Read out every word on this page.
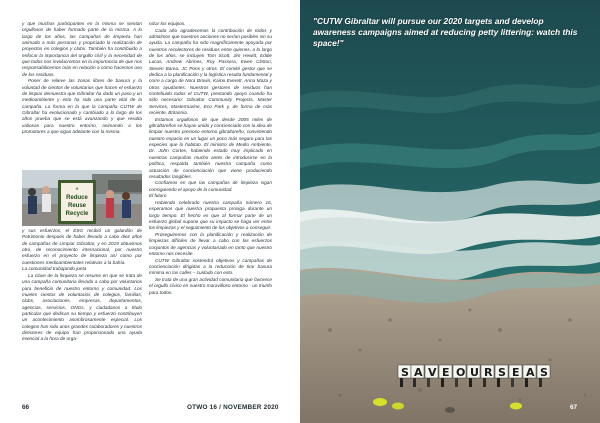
y que muchos participantes en la misma se sientan orgullosos de haber formado parte de la misma. A lo largo de los años, las campañas de limpieza han animado a más personas y propiciado la realización de proyectos en colegios y clubs. También ha contribuido a enfocar la importancia del orgullo cívil y la necesidad de que todos nos involucremos en la importancia de que nos responsabilicemos más en relación a cómo hacemos uso de los residuos.

Poner de relieve las zonas libres de basura y la voluntad de cientos de voluntarios que hacen el esfuerzo de limpiar demuestra que Gibraltar ha dado un paso y un medioambiente y esto ha sido una parte vital de la campaña. La forma en la que la campaña CUTW de Gibraltar ha evolucionado y cambiado a lo largo de los años prueba que se está avanzando y que resulta valiosas para nuestro entorno, animando a los promotores a que sigan adelante con la misma.

♻
Reduce
Reuse
Recycle

y sus esfuerzos, el ESG recibió un galardón de Patrimonio después de haber llevado a cabo diez años de campañas de Limpiar Gibraltar, y en 2019 obtuvimos otro, de reconocimiento internacional, por nuestro esfuerzo en el proyecto de limpieza así como por cuestiones medioambientales relativas a la bahía.

La comunidad trabajando junta

La clave de la limpieza se resume en que se trata de una campaña comunitaria llevada a cabo por voluntarios para beneficio de nuestro entorno y comunidad. Los mueles cientos de voluntarios de colegios, familias, clubs, asociaciones, empresas, departamentos, agencias, servicios, ONGs, y ciudadanos a título particular que dedican su tiempo y esfuerzo contribuyen un acontecimiento asombrosamente especial. Los colegios han sido unos grandes colaboradores y nuestros directores de equipo han proporcionado una ayuda esencial a la hora de orga-

nizar los equipos.

Cada año agradecemos la contribución de todos y admitimos que nuestros anciones no serían posibles sin su ayuda. La campaña ha sido magníficamente apoyada por nuestros recolectores de residuos entre quienes, a lo largo de los años, se incluyen Tom Scott, Jim Hewitt, Eddie Lucas, Andrew Abrines, Roy Passera, Ewen Clinton, Steven Barea, JC Pons y otros. El comité gestor que se dedica a la planificación y la logística resulta fundamental y corre a cargo de Nora Brown, Kamo Everett, Anna Maza y otros ayudantes. Nuestros gestores de residuos han contribuido todos el CUTW, prestando apoyo cuando ha sido necesario: Gibraltar Community Projects, Master Services, Mastermarine, Eco Park y, de forma de más reciente, Britannia.

Estamos orgullosos de que desde 2005 miles de gibraltareños se hayan unido y concienciado con la idea de limpiar nuestro precioso entorno gibraltareño, convirtiendo nuestro espacio en un lugar un poco más seguro para las especies que lo habitan. El ministro de Medio Ambiente, Dr. John Cortes, habiendo estado muy implicado en nuestras campañas mucho antes de introducirse en la política, respalda también nuestra campaña como actuación de concienciación que viene produciendo resultados tangibles.

Confiamos en que las campañas de limpieza sigan consiguiendo el apoyo de la comunidad.

El futuro

Habiendo celebrado nuestra campaña número 16, esperamos que nuestra propuesta prosiga durante un largo tiempo. El hecho es que al formar parte de un esfuerzo global supone que su impacto se haga ver entre los limpiezas y el seguimiento de los objetivos a conseguir.

Proseguiremos con la planificación y realización de limpiezas difíciles de llevar a cabo con los esfuerzos conjuntos de agencias y voluntariado en tanto que nuestro entorno nos necesite.

CUTW Gibraltar sostendrá objetivos y campañas de concienciación dirigidas a la reducción de tirar basura mínima en las calles – cuidado con esto.

Se trata de una gran actividad comunitaria que favorece el orgullo cívico en nuestro maravilloso entorno - un triunfo para todos.

66	OTWO 16 / NOVEMBER 2020
"CUTW Gibraltar will pursue our 2020 targets and develop awareness campaigns aimed at reducing petty littering: watch this space!"
S A V E O U R S E A S
67
